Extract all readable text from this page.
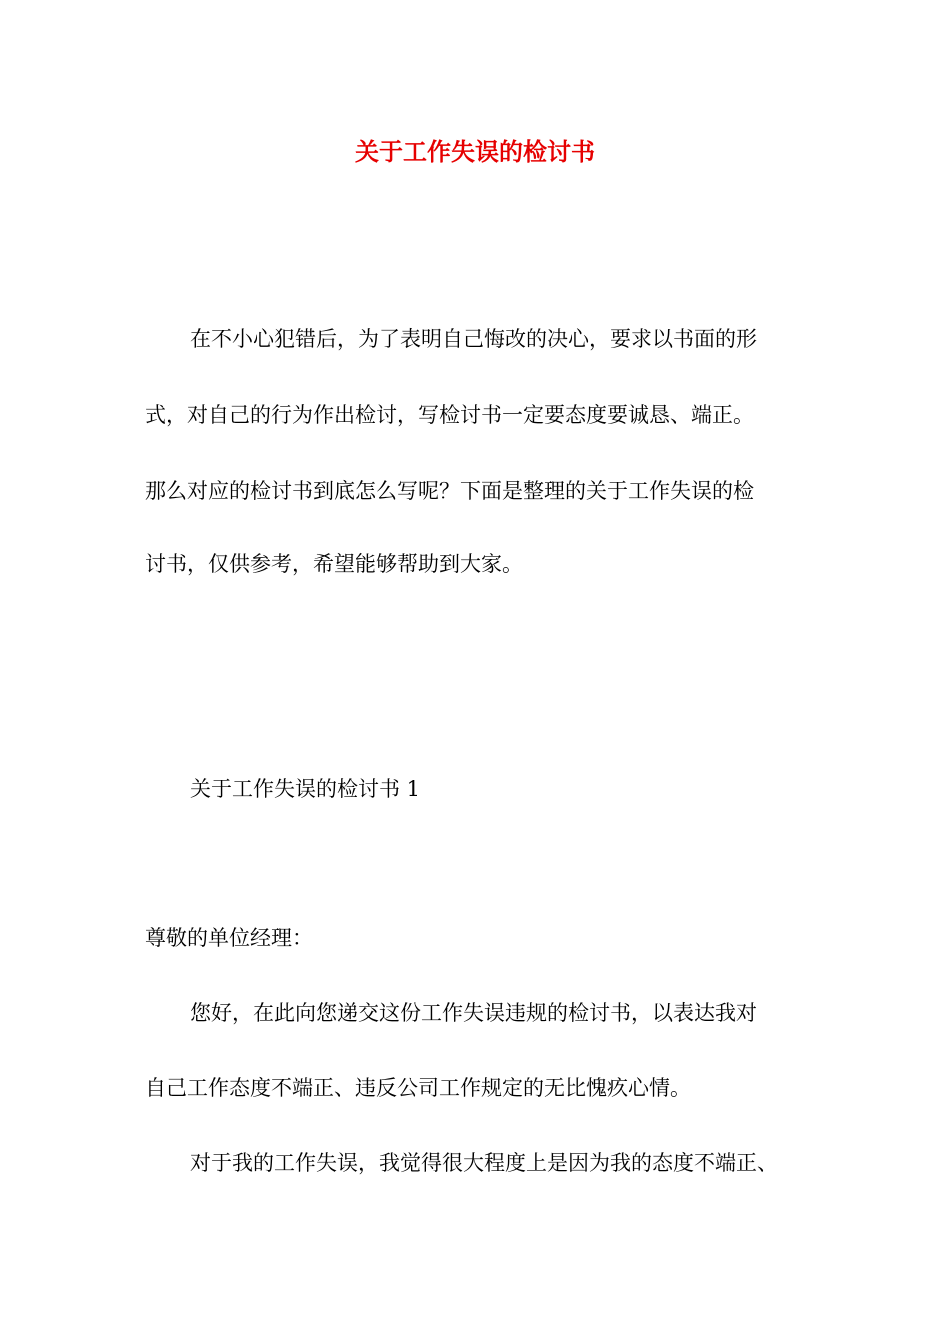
关于工作失误的检讨书
在不小心犯错后，为了表明自己悔改的决心，要求以书面的形
式，对自己的行为作出检讨，写检讨书一定要态度要诚恳、端正。
那么对应的检讨书到底怎么写呢？下面是整理的关于工作失误的检
讨书，仅供参考，希望能够帮助到大家。
关于工作失误的检讨书 1
尊敬的单位经理：
您好，在此向您递交这份工作失误违规的检讨书，以表达我对
自己工作态度不端正、违反公司工作规定的无比愧疚心情。
对于我的工作失误，我觉得很大程度上是因为我的态度不端正、
